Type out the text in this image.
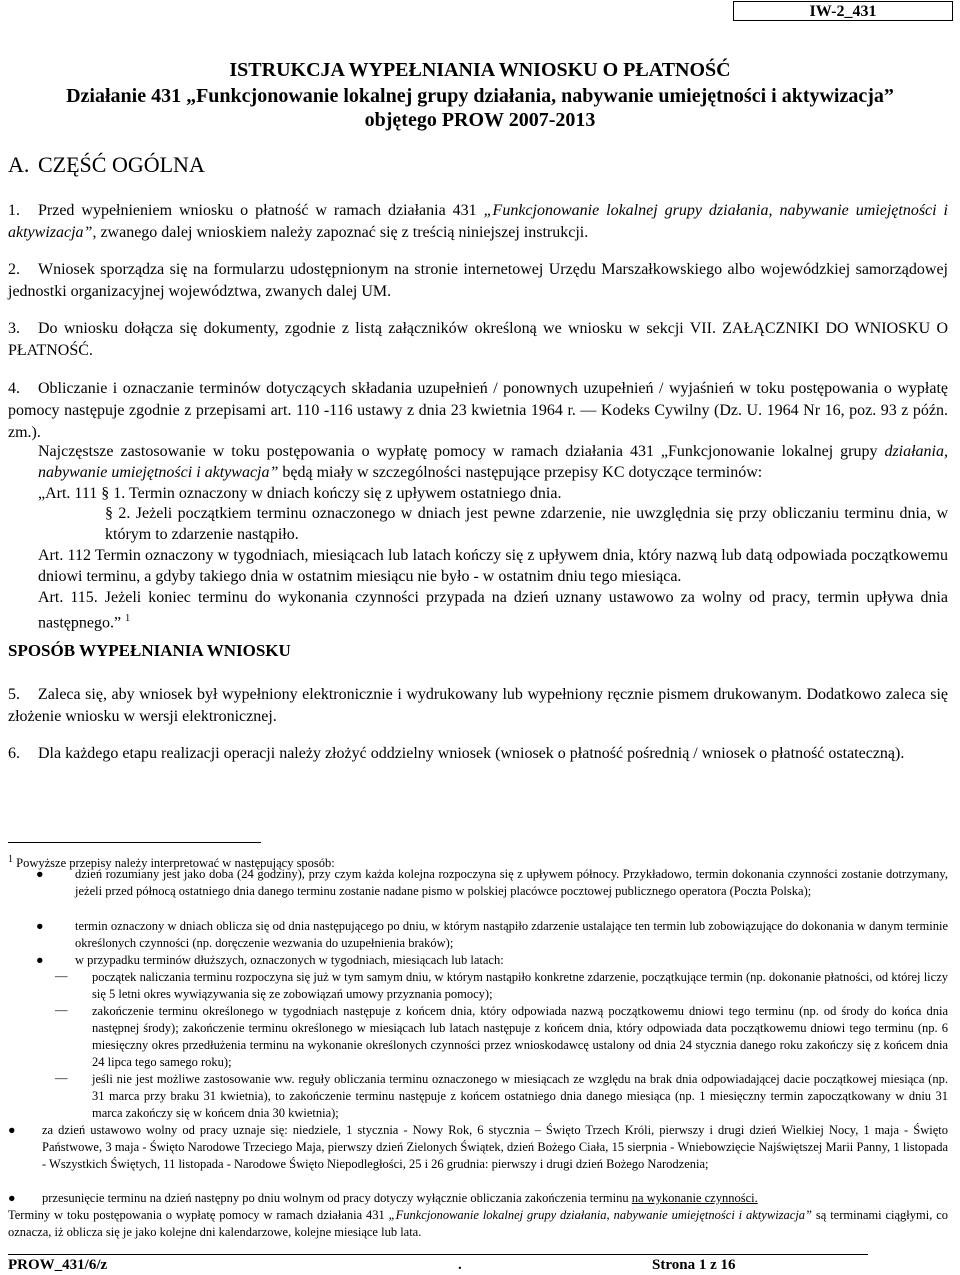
IW-2_431
ISTRUKCJA WYPEŁNIANIA WNIOSKU O PŁATNOŚĆ
Działanie 431 „Funkcjonowanie lokalnej grupy działania, nabywanie umiejętności i aktywizacja”
objętego PROW 2007-2013
A. CZĘŚĆ OGÓLNA
1. Przed wypełnieniem wniosku o płatność w ramach działania 431 „Funkcjonowanie lokalnej grupy działania, nabywanie umiejętności i aktywizacja”, zwanego dalej wnioskiem należy zapoznać się z treścią niniejszej instrukcji.
2. Wniosek sporządza się na formularzu udostępnionym na stronie internetowej Urzędu Marszałkowskiego albo wojewódzkiej samorządowej jednostki organizacyjnej województwa, zwanych dalej UM.
3. Do wniosku dołącza się dokumenty, zgodnie z listą załączników określoną we wniosku w sekcji VII. ZAŁĄCZNIKI DO WNIOSKU O PŁATNOŚĆ.
4. Obliczanie i oznaczanie terminów dotyczących składania uzupełnień / ponownych uzupełnień / wyjaśnień w toku postępowania o wypłatę pomocy następuje zgodnie z przepisami art. 110 -116 ustawy z dnia 23 kwietnia 1964 r. ― Kodeks Cywilny (Dz. U. 1964 Nr 16, poz. 93 z późn. zm.).
Najczęstsze zastosowanie w toku postępowania o wypłatę pomocy w ramach działania 431 „Funkcjonowanie lokalnej grupy działania, nabywanie umiejętności i aktywacja” będą miały w szczególności następujące przepisy KC dotyczące terminów:
„Art. 111 § 1. Termin oznaczony w dniach kończy się z upływem ostatniego dnia.
§ 2. Jeżeli początkiem terminu oznaczonego w dniach jest pewne zdarzenie, nie uwzględnia się przy obliczaniu terminu dnia, w którym to zdarzenie nastąpiło.
Art. 112 Termin oznaczony w tygodniach, miesiącach lub latach kończy się z upływem dnia, który nazwą lub datą odpowiada początkowemu dniowi terminu, a gdyby takiego dnia w ostatnim miesiącu nie było - w ostatnim dniu tego miesiąca.
Art. 115. Jeżeli koniec terminu do wykonania czynności przypada na dzień uznany ustawowo za wolny od pracy, termin upływa dnia następnego.” $^1$
SPOSÓB WYPEŁNIANIA WNIOSKU
5. Zaleca się, aby wniosek był wypełniony elektronicznie i wydrukowany lub wypełniony ręcznie pismem drukowanym. Dodatkowo zaleca się złożenie wniosku w wersji elektronicznej.
6. Dla każdego etapu realizacji operacji należy złożyć oddzielny wniosek (wniosek o płatność pośrednią / wniosek o płatność ostateczną).
$^1$ Powyższe przepisy należy interpretować w następujący sposób:
●	dzień rozumiany jest jako doba (24 godziny), przy czym każda kolejna rozpoczyna się z upływem północy. Przykładowo, termin dokonania czynności zostanie dotrzymany, jeżeli przed północą ostatniego dnia danego terminu zostanie nadane pismo w polskiej placówce pocztowej publicznego operatora (Poczta Polska);
●	termin oznaczony w dniach oblicza się od dnia następującego po dniu, w którym nastąpiło zdarzenie ustalające ten termin lub zobowiązujące do dokonania w danym terminie określonych czynności (np. doręczenie wezwania do uzupełnienia braków);
●	w przypadku terminów dłuższych, oznaczonych w tygodniach, miesiącach lub latach:
― początek naliczania terminu rozpoczyna się już w tym samym dniu, w którym nastąpiło konkretne zdarzenie, początkujące termin (np. dokonanie płatności, od której liczy się 5 letni okres wywiązywania się ze zobowiązań umowy przyznania pomocy);
― zakończenie terminu określonego w tygodniach następuje z końcem dnia, który odpowiada nazwą początkowemu dniowi tego terminu (np. od środy do końca dnia następnej środy); zakończenie terminu określonego w miesiącach lub latach następuje z końcem dnia, który odpowiada data początkowemu dniowi tego terminu (np. 6 miesięczny okres przedłużenia terminu na wykonanie określonych czynności przez wnioskodawcę ustalony od dnia 24 stycznia danego roku zakończy się z końcem dnia 24 lipca tego samego roku);
― jeśli nie jest możliwe zastosowanie ww. reguły obliczania terminu oznaczonego w miesiącach ze względu na brak dnia odpowiadającej dacie początkowej miesiąca (np. 31 marca przy braku 31 kwietnia), to zakończenie terminu następuje z końcem ostatniego dnia danego miesiąca (np. 1 miesięczny termin zapoczątkowany w dniu 31 marca zakończy się w końcem dnia 30 kwietnia);
● za dzień ustawowo wolny od pracy uznaje się: niedziele, 1 stycznia - Nowy Rok, 6 stycznia – Święto Trzech Króli, pierwszy i drugi dzień Wielkiej Nocy, 1 maja - Święto Państwowe, 3 maja - Święto Narodowe Trzeciego Maja, pierwszy dzień Zielonych Świątek, dzień Bożego Ciała, 15 sierpnia - Wniebowzięcie Najświętszej Marii Panny, 1 listopada - Wszystkich Świętych, 11 listopada - Narodowe Święto Niepodległości, 25 i 26 grudnia: pierwszy i drugi dzień Bożego Narodzenia;
● przesunięcie terminu na dzień następny po dniu wolnym od pracy dotyczy wyłącznie obliczania zakończenia terminu na wykonanie czynności.
Terminy w toku postępowania o wypłatę pomocy w ramach działania 431 „Funkcjonowanie lokalnej grupy działania, nabywanie umiejętności i aktywizacja” są terminami ciągłymi, co oznacza, iż oblicza się je jako kolejne dni kalendarzowe, kolejne miesiące lub lata.
PROW_431/6/z	.	Strona 1 z 16
